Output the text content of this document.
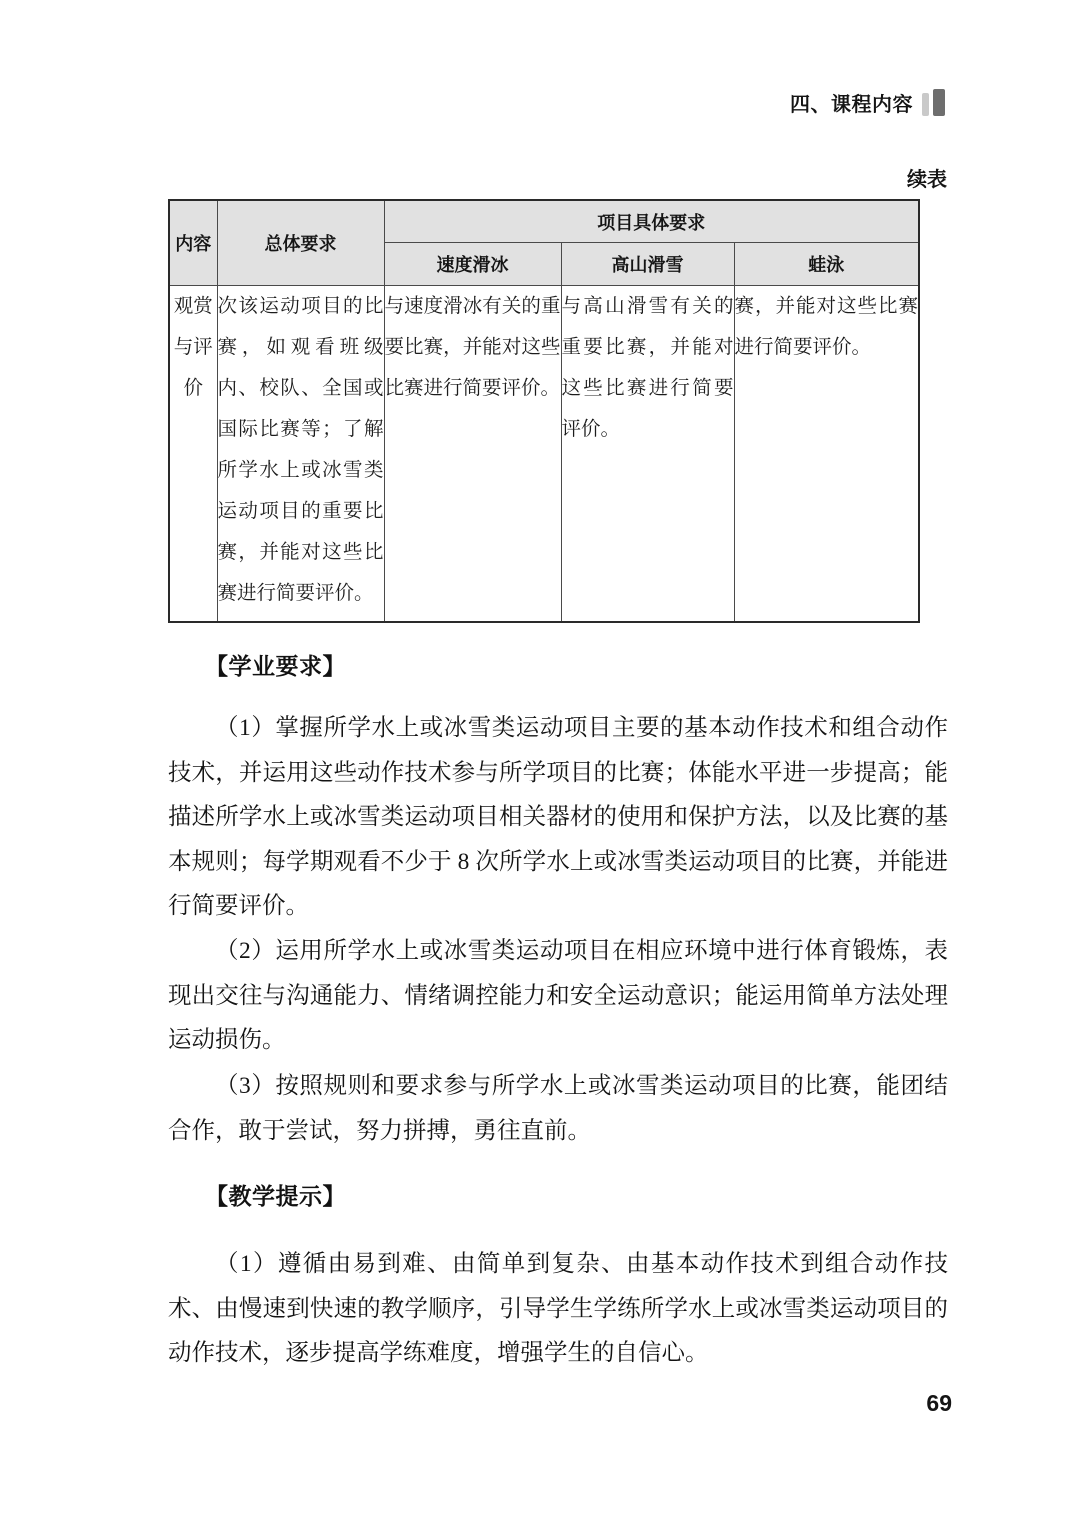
四、课程内容
续表
内容	总体要求	项目具体要求		
		速度滑冰	高山滑雪	蛙泳
观赏与评价	次该运动项目的比赛，如观看班级内、校队、全国或国际比赛等；了解所学水上或冰雪类运动项目的重要比赛，并能对这些比赛进行简要评价。	与速度滑冰有关的重要比赛，并能对这些比赛进行简要评价。	与高山滑雪有关的重要比赛，并能对这些比赛进行简要评价。	赛，并能对这些比赛进行简要评价。
【学业要求】
（1）掌握所学水上或冰雪类运动项目主要的基本动作技术和组合动作技术，并运用这些动作技术参与所学项目的比赛；体能水平进一步提高；能描述所学水上或冰雪类运动项目相关器材的使用和保护方法，以及比赛的基本规则；每学期观看不少于 8 次所学水上或冰雪类运动项目的比赛，并能进行简要评价。
（2）运用所学水上或冰雪类运动项目在相应环境中进行体育锻炼，表现出交往与沟通能力、情绪调控能力和安全运动意识；能运用简单方法处理运动损伤。
（3）按照规则和要求参与所学水上或冰雪类运动项目的比赛，能团结合作，敢于尝试，努力拼搏，勇往直前。
【教学提示】
（1）遵循由易到难、由简单到复杂、由基本动作技术到组合动作技术、由慢速到快速的教学顺序，引导学生学练所学水上或冰雪类运动项目的动作技术，逐步提高学练难度，增强学生的自信心。
69
